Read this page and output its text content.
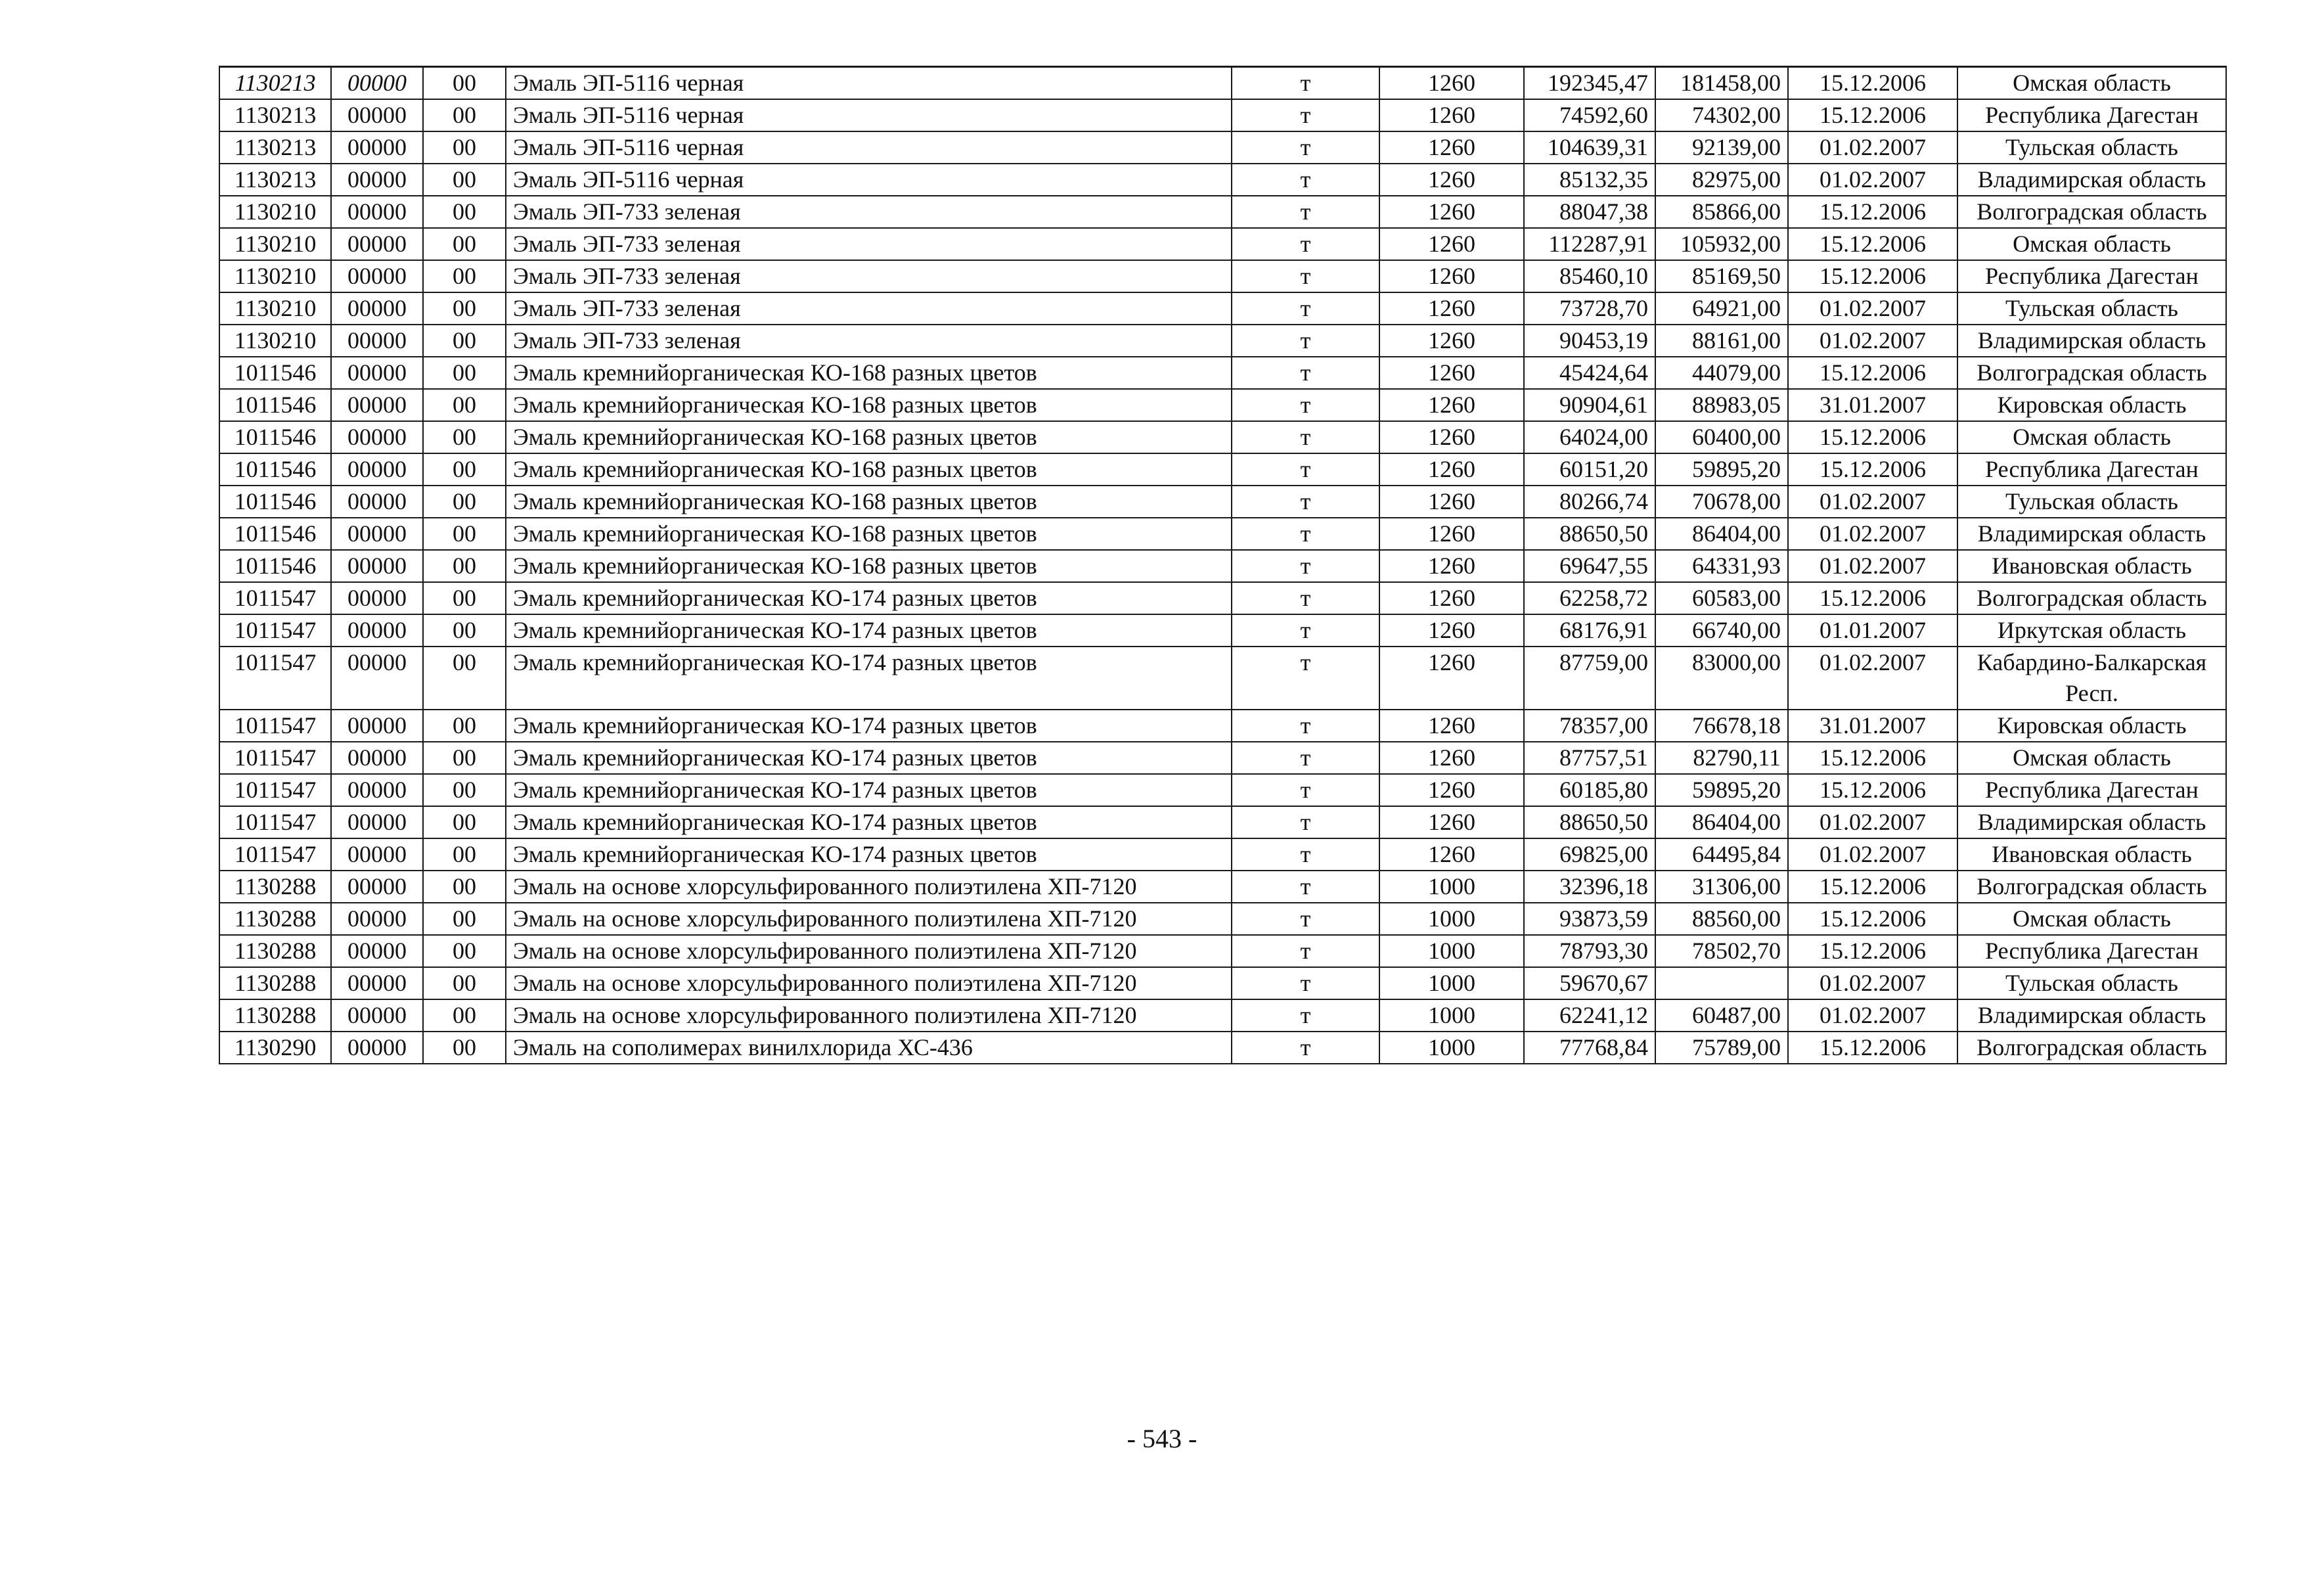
1130213	00000	00	Эмаль ЭП-5116 черная	т	1260	192345,47	181458,00	15.12.2006	Омская область
1130213	00000	00	Эмаль ЭП-5116 черная	т	1260	74592,60	74302,00	15.12.2006	Республика Дагестан
1130213	00000	00	Эмаль ЭП-5116 черная	т	1260	104639,31	92139,00	01.02.2007	Тульская область
1130213	00000	00	Эмаль ЭП-5116 черная	т	1260	85132,35	82975,00	01.02.2007	Владимирская область
1130210	00000	00	Эмаль ЭП-733 зеленая	т	1260	88047,38	85866,00	15.12.2006	Волгоградская область
1130210	00000	00	Эмаль ЭП-733 зеленая	т	1260	112287,91	105932,00	15.12.2006	Омская область
1130210	00000	00	Эмаль ЭП-733 зеленая	т	1260	85460,10	85169,50	15.12.2006	Республика Дагестан
1130210	00000	00	Эмаль ЭП-733 зеленая	т	1260	73728,70	64921,00	01.02.2007	Тульская область
1130210	00000	00	Эмаль ЭП-733 зеленая	т	1260	90453,19	88161,00	01.02.2007	Владимирская область
1011546	00000	00	Эмаль кремнийорганическая КО-168 разных цветов	т	1260	45424,64	44079,00	15.12.2006	Волгоградская область
1011546	00000	00	Эмаль кремнийорганическая КО-168 разных цветов	т	1260	90904,61	88983,05	31.01.2007	Кировская область
1011546	00000	00	Эмаль кремнийорганическая КО-168 разных цветов	т	1260	64024,00	60400,00	15.12.2006	Омская область
1011546	00000	00	Эмаль кремнийорганическая КО-168 разных цветов	т	1260	60151,20	59895,20	15.12.2006	Республика Дагестан
1011546	00000	00	Эмаль кремнийорганическая КО-168 разных цветов	т	1260	80266,74	70678,00	01.02.2007	Тульская область
1011546	00000	00	Эмаль кремнийорганическая КО-168 разных цветов	т	1260	88650,50	86404,00	01.02.2007	Владимирская область
1011546	00000	00	Эмаль кремнийорганическая КО-168 разных цветов	т	1260	69647,55	64331,93	01.02.2007	Ивановская область
1011547	00000	00	Эмаль кремнийорганическая КО-174 разных цветов	т	1260	62258,72	60583,00	15.12.2006	Волгоградская область
1011547	00000	00	Эмаль кремнийорганическая КО-174 разных цветов	т	1260	68176,91	66740,00	01.01.2007	Иркутская область
1011547	00000	00	Эмаль кремнийорганическая КО-174 разных цветов	т	1260	87759,00	83000,00	01.02.2007	Кабардино-Балкарская Респ.
1011547	00000	00	Эмаль кремнийорганическая КО-174 разных цветов	т	1260	78357,00	76678,18	31.01.2007	Кировская область
1011547	00000	00	Эмаль кремнийорганическая КО-174 разных цветов	т	1260	87757,51	82790,11	15.12.2006	Омская область
1011547	00000	00	Эмаль кремнийорганическая КО-174 разных цветов	т	1260	60185,80	59895,20	15.12.2006	Республика Дагестан
1011547	00000	00	Эмаль кремнийорганическая КО-174 разных цветов	т	1260	88650,50	86404,00	01.02.2007	Владимирская область
1011547	00000	00	Эмаль кремнийорганическая КО-174 разных цветов	т	1260	69825,00	64495,84	01.02.2007	Ивановская область
1130288	00000	00	Эмаль на основе хлорсульфированного полиэтилена ХП-7120	т	1000	32396,18	31306,00	15.12.2006	Волгоградская область
1130288	00000	00	Эмаль на основе хлорсульфированного полиэтилена ХП-7120	т	1000	93873,59	88560,00	15.12.2006	Омская область
1130288	00000	00	Эмаль на основе хлорсульфированного полиэтилена ХП-7120	т	1000	78793,30	78502,70	15.12.2006	Республика Дагестан
1130288	00000	00	Эмаль на основе хлорсульфированного полиэтилена ХП-7120	т	1000	59670,67		01.02.2007	Тульская область
1130288	00000	00	Эмаль на основе хлорсульфированного полиэтилена ХП-7120	т	1000	62241,12	60487,00	01.02.2007	Владимирская область
1130290	00000	00	Эмаль на сополимерах винилхлорида ХС-436	т	1000	77768,84	75789,00	15.12.2006	Волгоградская область
- 543 -
